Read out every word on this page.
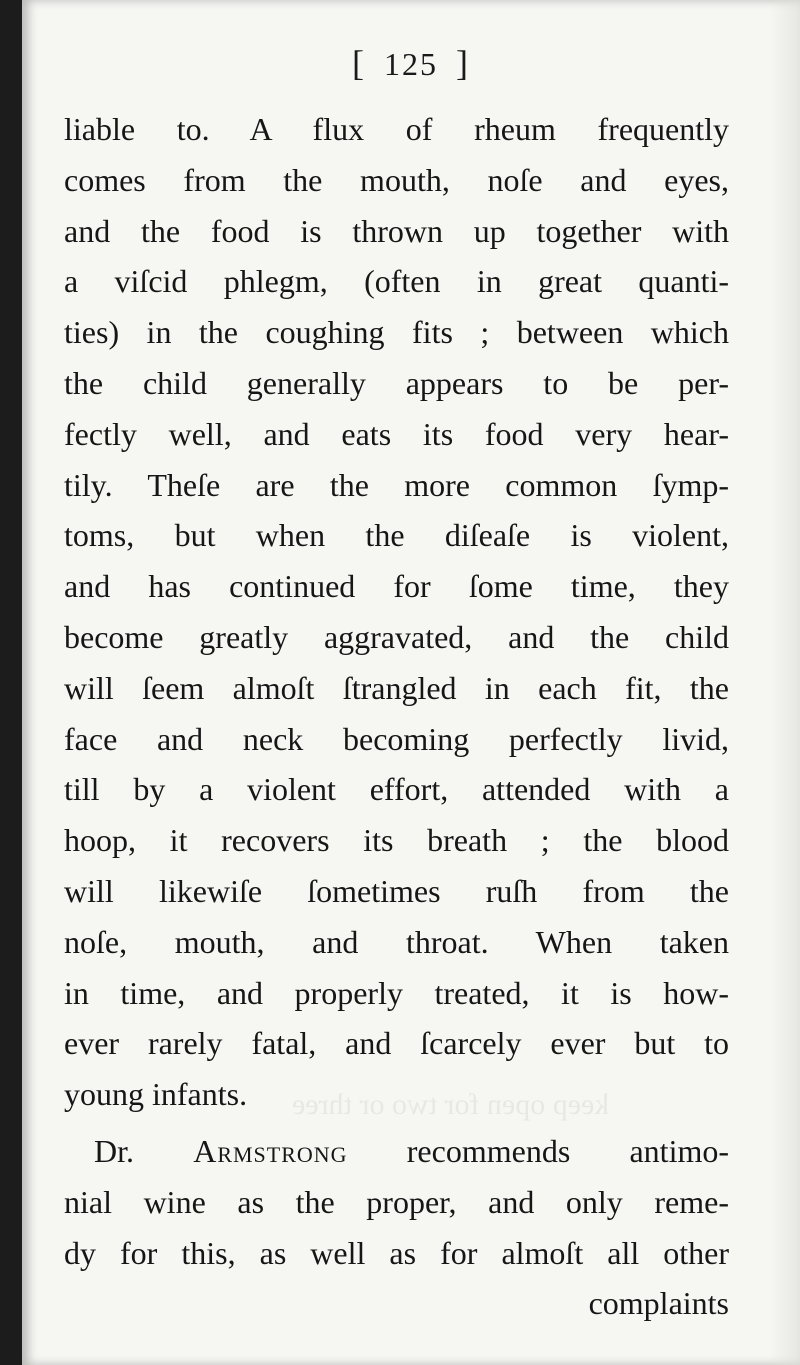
keep open for two or three
[ 125 ]
liable to. A flux of rheum frequently
comes from the mouth, noſe and eyes,
and the food is thrown up together with
a viſcid phlegm, (often in great quanti-
ties) in the coughing fits ; between which
the child generally appears to be per-
fectly well, and eats its food very hear-
tily. Theſe are the more common ſymp-
toms, but when the diſeaſe is violent,
and has continued for ſome time, they
become greatly aggravated, and the child
will ſeem almoſt ſtrangled in each fit, the
face and neck becoming perfectly livid,
till by a violent effort, attended with a
hoop, it recovers its breath ; the blood
will likewiſe ſometimes ruſh from the
noſe, mouth, and throat. When taken
in time, and properly treated, it is how-
ever rarely fatal, and ſcarcely ever but to
young infants.
Dr. Armstrong recommends antimo-
nial wine as the proper, and only reme-
dy for this, as well as for almoſt all other
complaints
